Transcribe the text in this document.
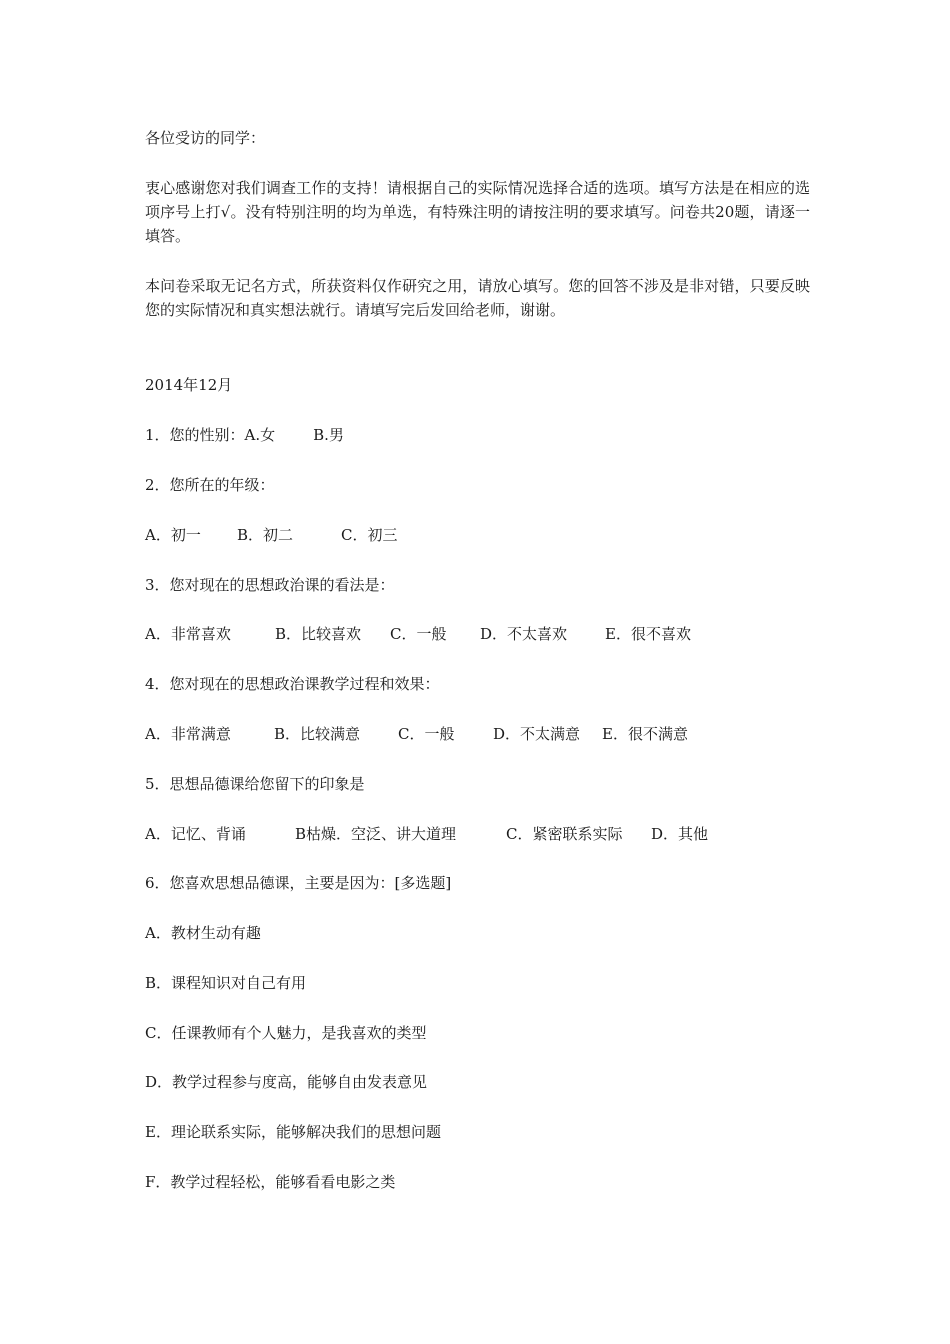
各位受访的同学：
衷心感谢您对我们调查工作的支持！请根据自己的实际情况选择合适的选项。填写方法是在相应的选项序号上打√。没有特别注明的均为单选，有特殊注明的请按注明的要求填写。问卷共20题，请逐一填答。
本问卷采取无记名方式，所获资料仅作研究之用，请放心填写。您的回答不涉及是非对错，只要反映您的实际情况和真实想法就行。请填写完后发回给老师，谢谢。
2014年12月
1．您的性别：A.女	B.男
2．您所在的年级：
A．初一 B．初二	C．初三
3．您对现在的思想政治课的看法是：
A．非常喜欢	B．比较喜欢 C．一般 D．不太喜欢	E．很不喜欢
4．您对现在的思想政治课教学过程和效果：
A．非常满意	B．比较满意	C．一般	D．不太满意 E．很不满意
5．思想品德课给您留下的印象是
A．记忆、背诵	B枯燥．空泛、讲大道理	C．紧密联系实际 D．其他
6．您喜欢思想品德课，主要是因为：[多选题]
A．教材生动有趣
B．课程知识对自己有用
C．任课教师有个人魅力，是我喜欢的类型
D．教学过程参与度高，能够自由发表意见
E．理论联系实际，能够解决我们的思想问题
F．教学过程轻松，能够看看电影之类
